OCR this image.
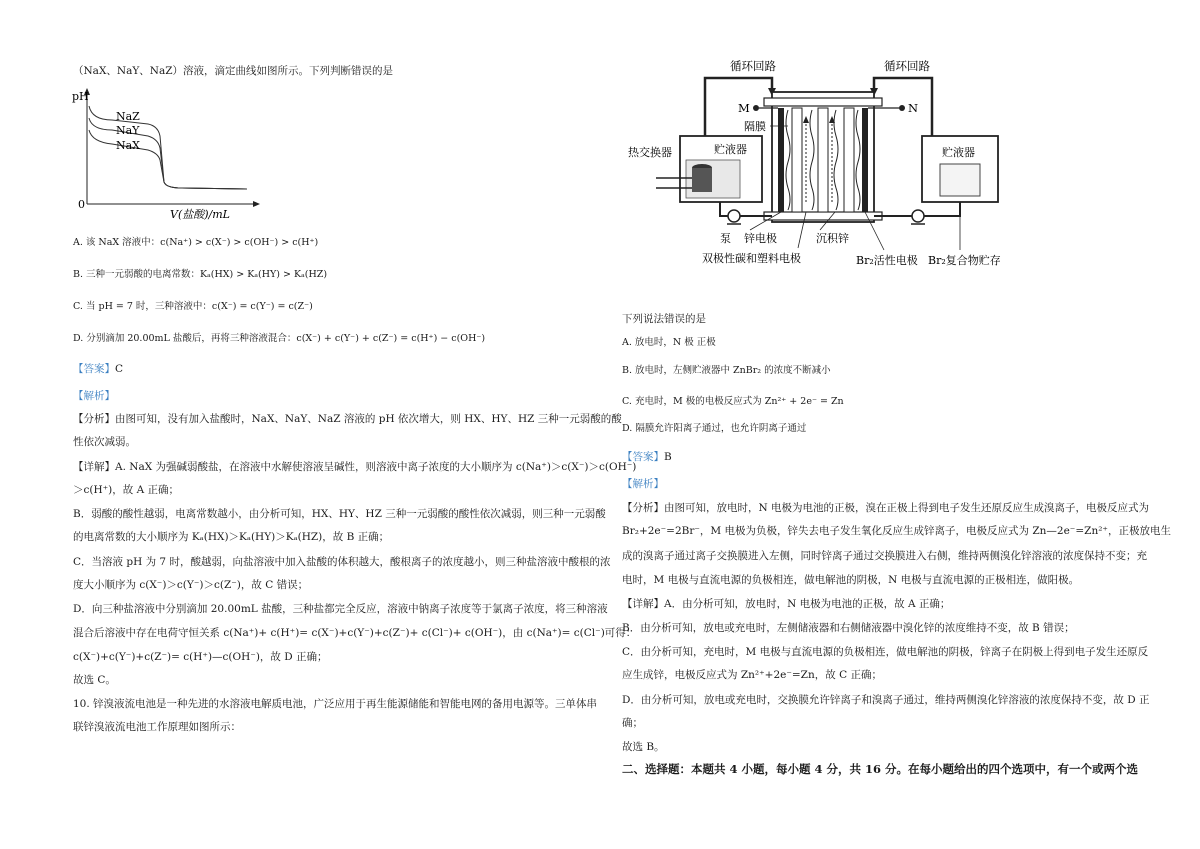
（NaX、NaY、NaZ）溶液，滴定曲线如图所示。下列判断错误的是
pH
0
V(盐酸)/mL
NaZ
NaY
NaX
A. 该 NaX 溶液中：c(Na⁺) > c(X⁻) > c(OH⁻) > c(H⁺)
B. 三种一元弱酸的电离常数：Kₐ(HX) > Kₐ(HY) > Kₐ(HZ)
C. 当 pH = 7 时，三种溶液中：c(X⁻) = c(Y⁻) = c(Z⁻)
D. 分别滴加 20.00mL 盐酸后，再将三种溶液混合：c(X⁻) + c(Y⁻) + c(Z⁻) = c(H⁺) − c(OH⁻)
【答案】C
【解析】
【分析】由图可知，没有加入盐酸时，NaX、NaY、NaZ 溶液的 pH 依次增大，则 HX、HY、HZ 三种一元弱酸的酸
性依次减弱。
【详解】A. NaX 为强碱弱酸盐，在溶液中水解使溶液呈碱性，则溶液中离子浓度的大小顺序为 c(Na⁺)＞c(X⁻)＞c(OH⁻)
＞c(H⁺)，故 A 正确；
B．弱酸的酸性越弱，电离常数越小，由分析可知，HX、HY、HZ 三种一元弱酸的酸性依次减弱，则三种一元弱酸
的电离常数的大小顺序为 Kₐ(HX)＞Kₐ(HY)＞Kₐ(HZ)，故 B 正确；
C．当溶液 pH 为 7 时，酸越弱，向盐溶液中加入盐酸的体积越大，酸根离子的浓度越小，则三种盐溶液中酸根的浓
度大小顺序为 c(X⁻)＞c(Y⁻)＞c(Z⁻)，故 C 错误；
D．向三种盐溶液中分别滴加 20.00mL 盐酸，三种盐都完全反应，溶液中钠离子浓度等于氯离子浓度，将三种溶液
混合后溶液中存在电荷守恒关系 c(Na⁺)+ c(H⁺)= c(X⁻)+c(Y⁻)+c(Z⁻)+ c(Cl⁻)+ c(OH⁻)，由 c(Na⁺)= c(Cl⁻)可得：
c(X⁻)+c(Y⁻)+c(Z⁻)= c(H⁺)—c(OH⁻)，故 D 正确；
故选 C。
10. 锌溴液流电池是一种先进的水溶液电解质电池，广泛应用于再生能源储能和智能电网的备用电源等。三单体串
联锌溴液流电池工作原理如图所示：
循环回路	循环回路
贮液器
热交换器	贮液器
M
隔膜
N
泵 锌电极	沉积锌
双极性碳和塑料电极	Br₂活性电极 Br₂复合物贮存
下列说法错误的是
A. 放电时，N 极 正极
B. 放电时，左侧贮液器中 ZnBr₂ 的浓度不断减小
C. 充电时，M 极的电极反应式为 Zn²⁺ + 2e⁻ = Zn
D. 隔膜允许阳离子通过，也允许阴离子通过
【答案】B
【解析】
【分析】由图可知，放电时，N 电极为电池的正极，溴在正极上得到电子发生还原反应生成溴离子，电极反应式为
Br₂+2e⁻=2Br⁻，M 电极为负极，锌失去电子发生氧化反应生成锌离子，电极反应式为 Zn—2e⁻=Zn²⁺，正极放电生
成的溴离子通过离子交换膜进入左侧，同时锌离子通过交换膜进入右侧，维持两侧溴化锌溶液的浓度保持不变；充
电时，M 电极与直流电源的负极相连，做电解池的阴极，N 电极与直流电源的正极相连，做阳极。
【详解】A．由分析可知，放电时，N 电极为电池的正极，故 A 正确；
B．由分析可知，放电或充电时，左侧储液器和右侧储液器中溴化锌的浓度维持不变，故 B 错误；
C．由分析可知，充电时，M 电极与直流电源的负极相连，做电解池的阴极，锌离子在阴极上得到电子发生还原反
应生成锌，电极反应式为 Zn²⁺+2e⁻=Zn，故 C 正确；
D．由分析可知，放电或充电时，交换膜允许锌离子和溴离子通过，维持两侧溴化锌溶液的浓度保持不变，故 D 正
确；
故选 B。
二、选择题：本题共 4 小题，每小题 4 分，共 16 分。在每小题给出的四个选项中，有一个或两个选
